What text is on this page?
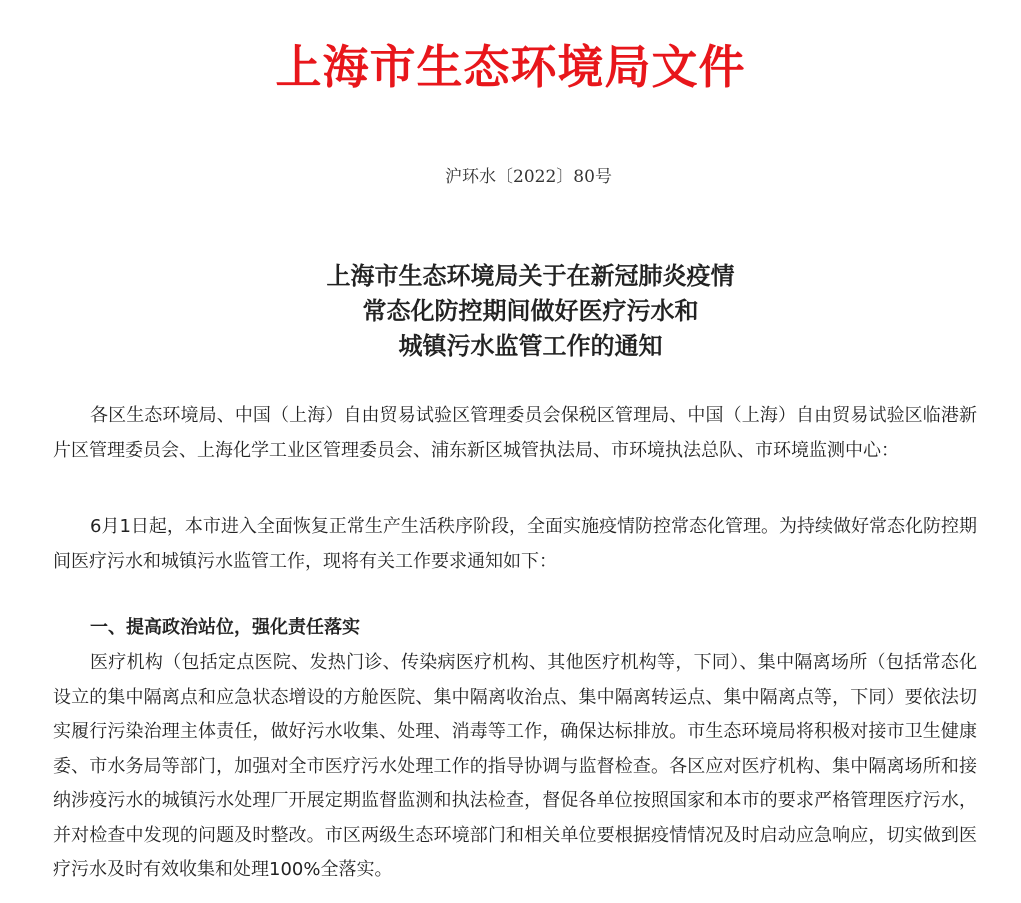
上海市生态环境局文件
沪环水〔2022〕80号
上海市生态环境局关于在新冠肺炎疫情
常态化防控期间做好医疗污水和
城镇污水监管工作的通知

各区生态环境局、中国（上海）自由贸易试验区管理委员会保税区管理局、中国（上海）自由贸易试验区临港新片区管理委员会、上海化学工业区管理委员会、浦东新区城管执法局、市环境执法总队、市环境监测中心：

6月1日起，本市进入全面恢复正常生产生活秩序阶段，全面实施疫情防控常态化管理。为持续做好常态化防控期间医疗污水和城镇污水监管工作，现将有关工作要求通知如下：

一、提高政治站位，强化责任落实

医疗机构（包括定点医院、发热门诊、传染病医疗机构、其他医疗机构等，下同）、集中隔离场所（包括常态化设立的集中隔离点和应急状态增设的方舱医院、集中隔离收治点、集中隔离转运点、集中隔离点等，下同）要依法切实履行污染治理主体责任，做好污水收集、处理、消毒等工作，确保达标排放。市生态环境局将积极对接市卫生健康委、市水务局等部门，加强对全市医疗污水处理工作的指导协调与监督检查。各区应对医疗机构、集中隔离场所和接纳涉疫污水的城镇污水处理厂开展定期监督监测和执法检查，督促各单位按照国家和本市的要求严格管理医疗污水，并对检查中发现的问题及时整改。市区两级生态环境部门和相关单位要根据疫情情况及时启动应急响应，切实做到医疗污水及时有效收集和处理100%全落实。
